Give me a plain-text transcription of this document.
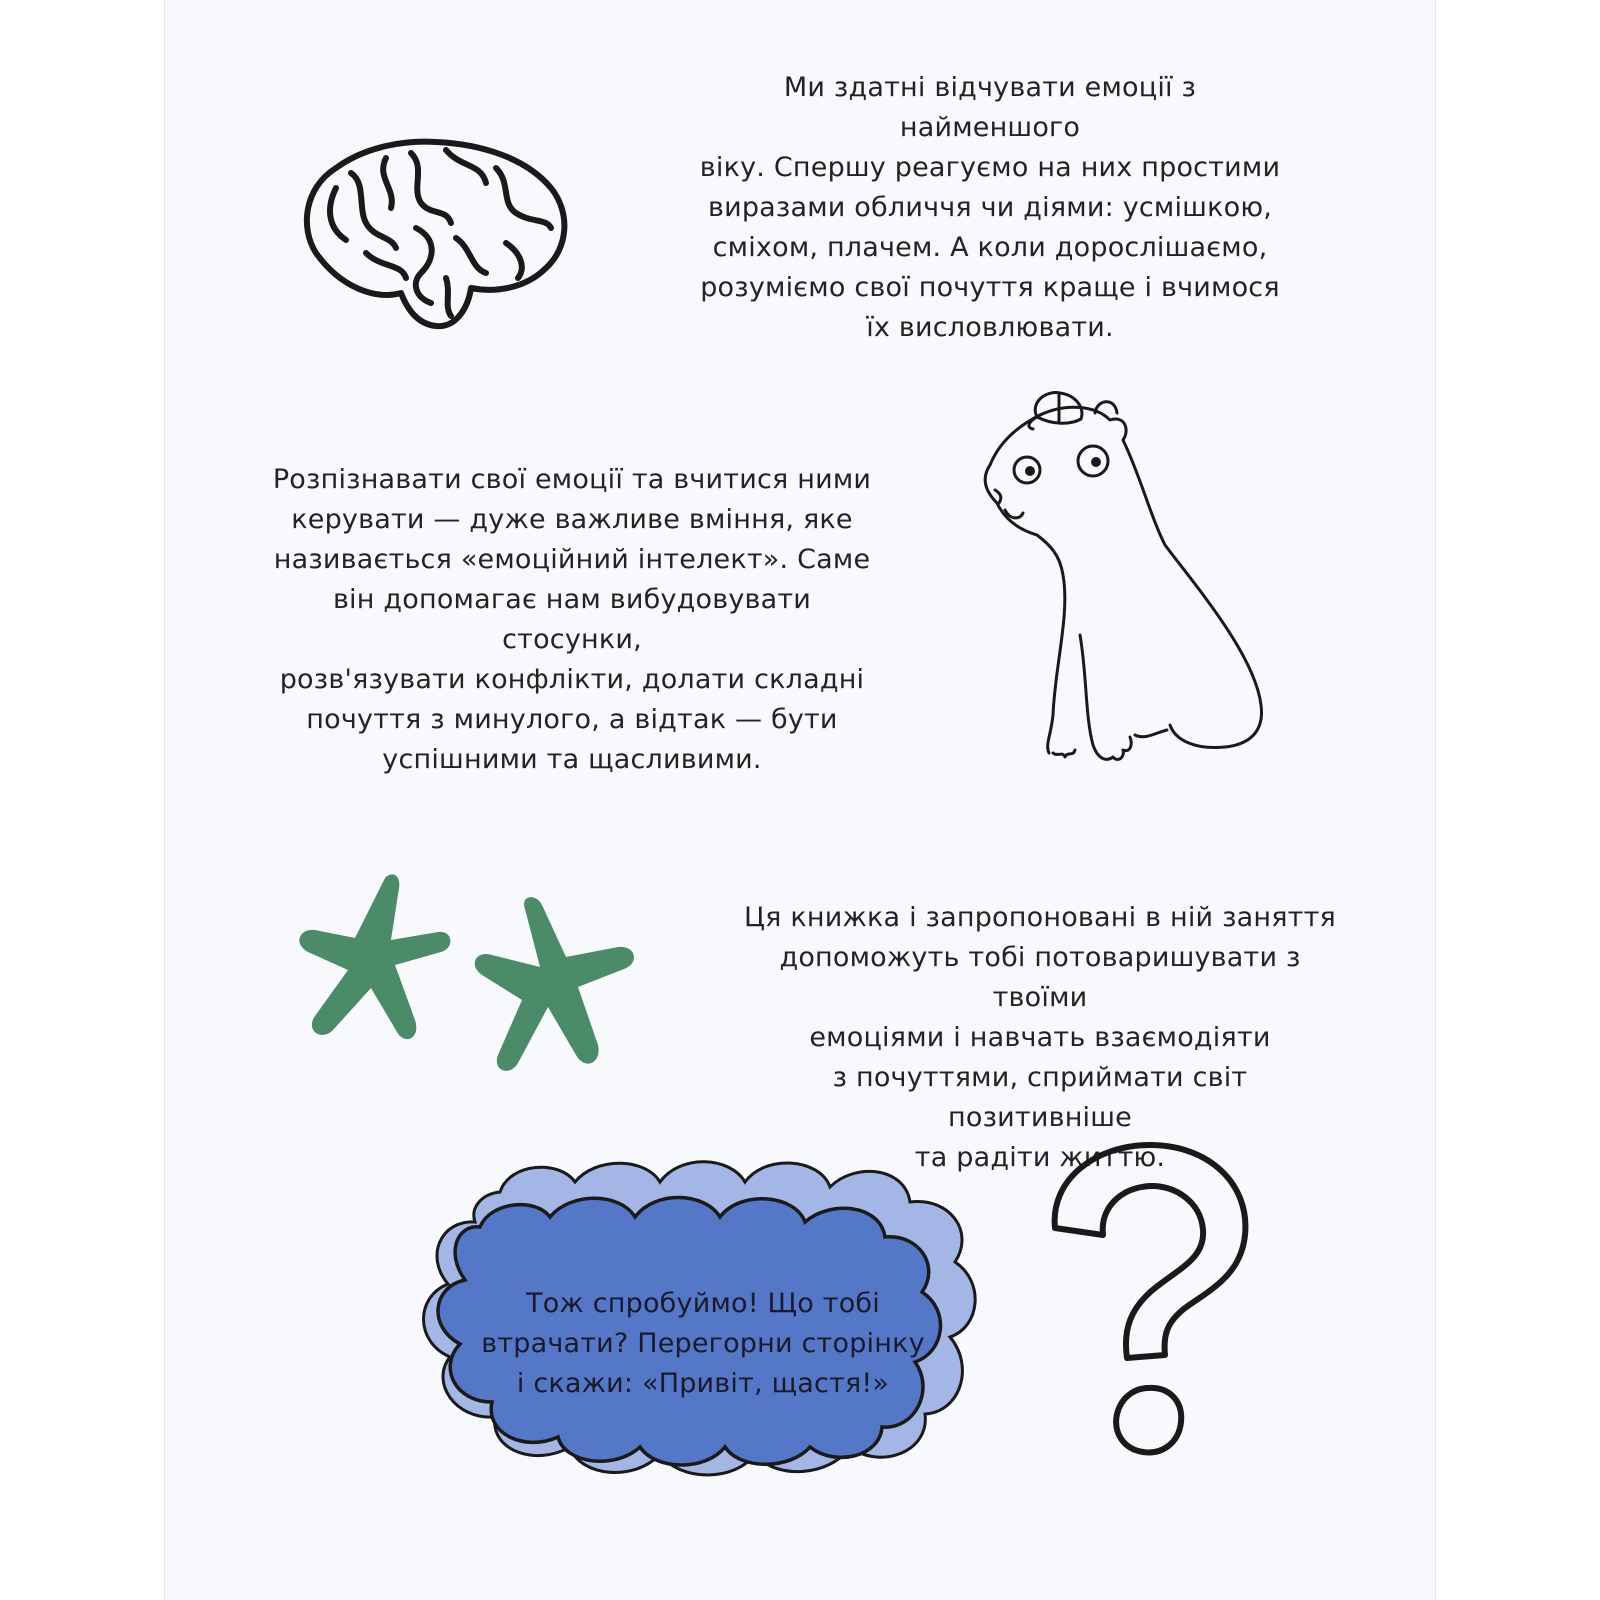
Ми здатні відчувати емоції з найменшого
віку. Спершу реагуємо на них простими
виразами обличчя чи діями: усмішкою,
сміхом, плачем. А коли дорослішаємо,
розуміємо свої почуття краще і вчимося
їх висловлювати.
Розпізнавати свої емоції та вчитися ними
керувати — дуже важливе вміння, яке
називається «емоційний інтелект». Саме
він допомагає нам вибудовувати стосунки,
розв'язувати конфлікти, долати складні
почуття з минулого, а відтак — бути
успішними та щасливими.
Ця книжка і запропоновані в ній заняття
допоможуть тобі потоваришувати з твоїми
емоціями і навчать взаємодіяти
з почуттями, сприймати світ позитивніше
та радіти життю.
Тож спробуймо! Що тобі
втрачати? Перегорни сторінку
і скажи: «Привіт, щастя!»
